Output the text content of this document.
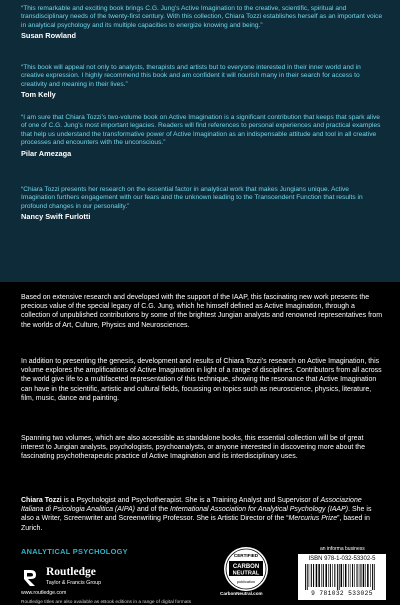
“This remarkable and exciting book brings C.G. Jung’s Active Imagination to the creative, scientific, spiritual and transdisciplinary needs of the twenty-first century. With this collection, Chiara Tozzi establishes herself as an important voice in analytical psychology and its multiple capacities to energize knowing and being.”

Susan Rowland

“This book will appeal not only to analysts, therapists and artists but to everyone interested in their inner world and in creative expression. I highly recommend this book and am confident it will nourish many in their search for access to creativity and meaning in their lives.”

Tom Kelly

“I am sure that Chiara Tozzi’s two-volume book on Active Imagination is a significant contribution that keeps that spark alive of one of C.G. Jung’s most important legacies. Readers will find references to personal experiences and practical examples that help us understand the transformative power of Active Imagination as an indispensable attitude and tool in all creative processes and encounters with the unconscious.”

Pilar Amezaga

“Chiara Tozzi presents her research on the essential factor in analytical work that makes Jungians unique. Active Imagination furthers engagement with our fears and the unknown leading to the Transcendent Function that results in profound changes in our personality.”

Nancy Swift Furlotti

Based on extensive research and developed with the support of the IAAP, this fascinating new work presents the precious value of the special legacy of C.G. Jung, which he himself defined as Active Imagination, through a collection of unpublished contributions by some of the brightest Jungian analysts and renowned representatives from the worlds of Art, Culture, Physics and Neurosciences.

In addition to presenting the genesis, development and results of Chiara Tozzi’s research on Active Imagination, this volume explores the amplifications of Active Imagination in light of a range of disciplines. Contributors from all across the world give life to a multifaceted representation of this technique, showing the resonance that Active Imagination can have in the scientific, artistic and cultural fields, focussing on topics such as neuroscience, physics, literature, film, music, dance and painting.

Spanning two volumes, which are also accessible as standalone books, this essential collection will be of great interest to Jungian analysts, psychologists, psychoanalysts, or anyone interested in discovering more about the fascinating psychotherapeutic practice of Active Imagination and its interdisciplinary uses.

Chiara Tozzi is a Psychologist and Psychotherapist. She is a Training Analyst and Supervisor of Associazione Italiana di Psicologia Analitica (AIPA) and of the International Association for Analytical Psychology (IAAP). She is also a Writer, Screenwriter and Screenwriting Professor. She is Artistic Director of the “Mercurius Prize”, based in Zurich.

ANALYTICAL PSYCHOLOGY
Routledge
Taylor & Francis Group
www.routledge.com
Routledge titles are also available as eBook editions in a range of digital formats
CERTIFIED
CARBON
NEUTRAL
publication
CarbonNeutral.com
an informa business
ISBN 978-1-032-53302-5
9 781032 533025
